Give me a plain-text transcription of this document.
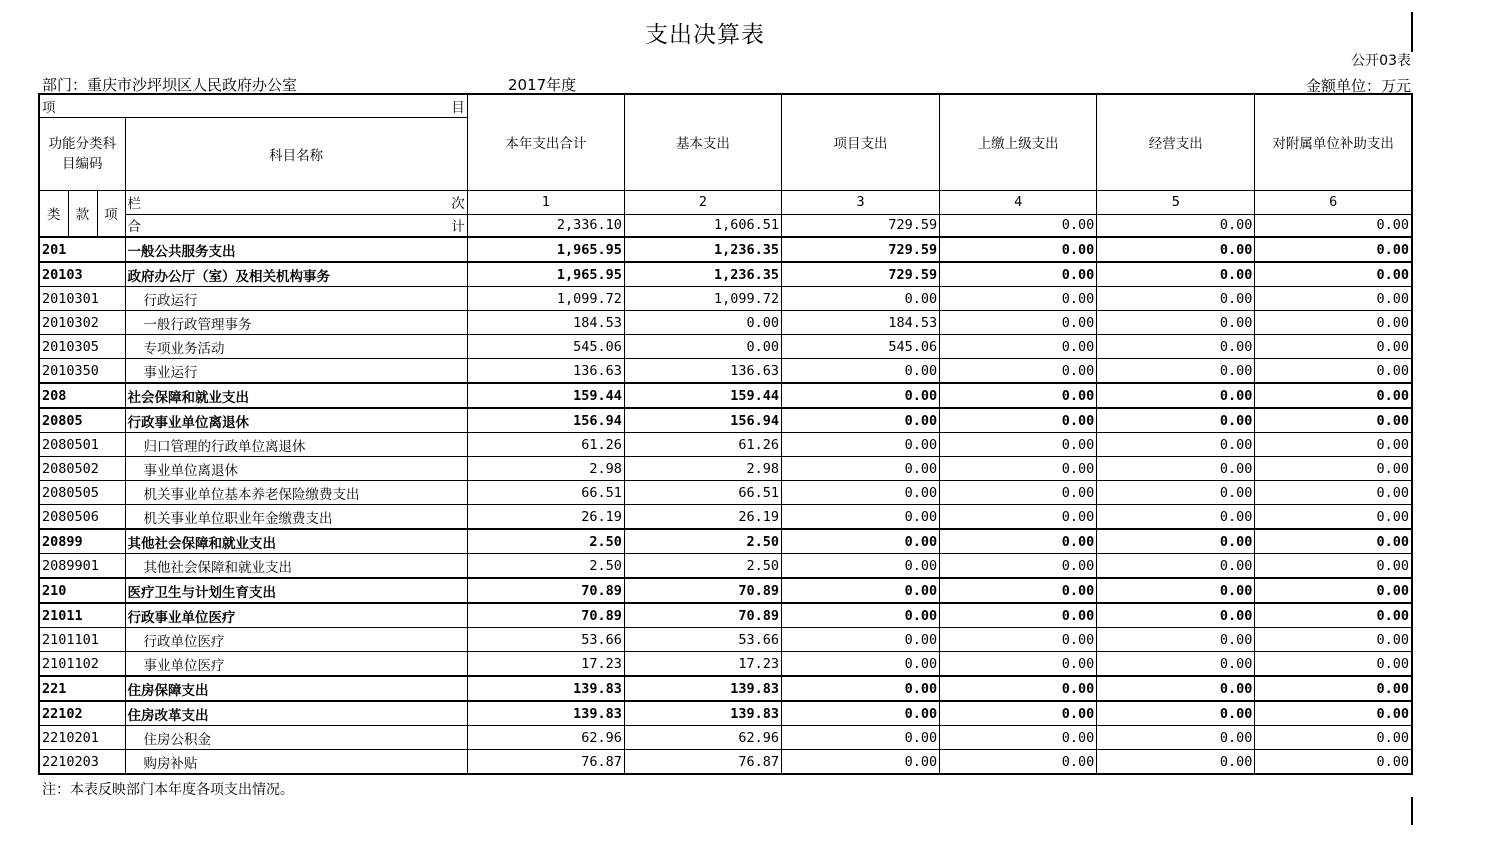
支出决算表
公开03表
部门：重庆市沙坪坝区人民政府办公室	2017年度	金额单位：万元
项 目				本年支出合计	基本支出	项目支出	上缴上级支出	经营支出	对附属单位补助支出
功能分类科目编码			科目名称						
类	款	项	栏 次	1	2	3	4	5	6

			合 计	2,336.10	1,606.51	729.59	0.00	0.00	0.00
201			一般公共服务支出	1,965.95	1,236.35	729.59	0.00	0.00	0.00
20103			政府办公厅（室）及相关机构事务	1,965.95	1,236.35	729.59	0.00	0.00	0.00
2010301			行政运行	1,099.72	1,099.72	0.00	0.00	0.00	0.00
2010302			一般行政管理事务	184.53	0.00	184.53	0.00	0.00	0.00
2010305			专项业务活动	545.06	0.00	545.06	0.00	0.00	0.00
2010350			事业运行	136.63	136.63	0.00	0.00	0.00	0.00
208			社会保障和就业支出	159.44	159.44	0.00	0.00	0.00	0.00
20805			行政事业单位离退休	156.94	156.94	0.00	0.00	0.00	0.00
2080501			归口管理的行政单位离退休	61.26	61.26	0.00	0.00	0.00	0.00
2080502			事业单位离退休	2.98	2.98	0.00	0.00	0.00	0.00
2080505			机关事业单位基本养老保险缴费支出	66.51	66.51	0.00	0.00	0.00	0.00
2080506			机关事业单位职业年金缴费支出	26.19	26.19	0.00	0.00	0.00	0.00
20899			其他社会保障和就业支出	2.50	2.50	0.00	0.00	0.00	0.00
2089901			其他社会保障和就业支出	2.50	2.50	0.00	0.00	0.00	0.00
210			医疗卫生与计划生育支出	70.89	70.89	0.00	0.00	0.00	0.00
21011			行政事业单位医疗	70.89	70.89	0.00	0.00	0.00	0.00
2101101			行政单位医疗	53.66	53.66	0.00	0.00	0.00	0.00
2101102			事业单位医疗	17.23	17.23	0.00	0.00	0.00	0.00
221			住房保障支出	139.83	139.83	0.00	0.00	0.00	0.00
22102			住房改革支出	139.83	139.83	0.00	0.00	0.00	0.00
2210201			住房公积金	62.96	62.96	0.00	0.00	0.00	0.00
2210203			购房补贴	76.87	76.87	0.00	0.00	0.00	0.00
注：本表反映部门本年度各项支出情况。
